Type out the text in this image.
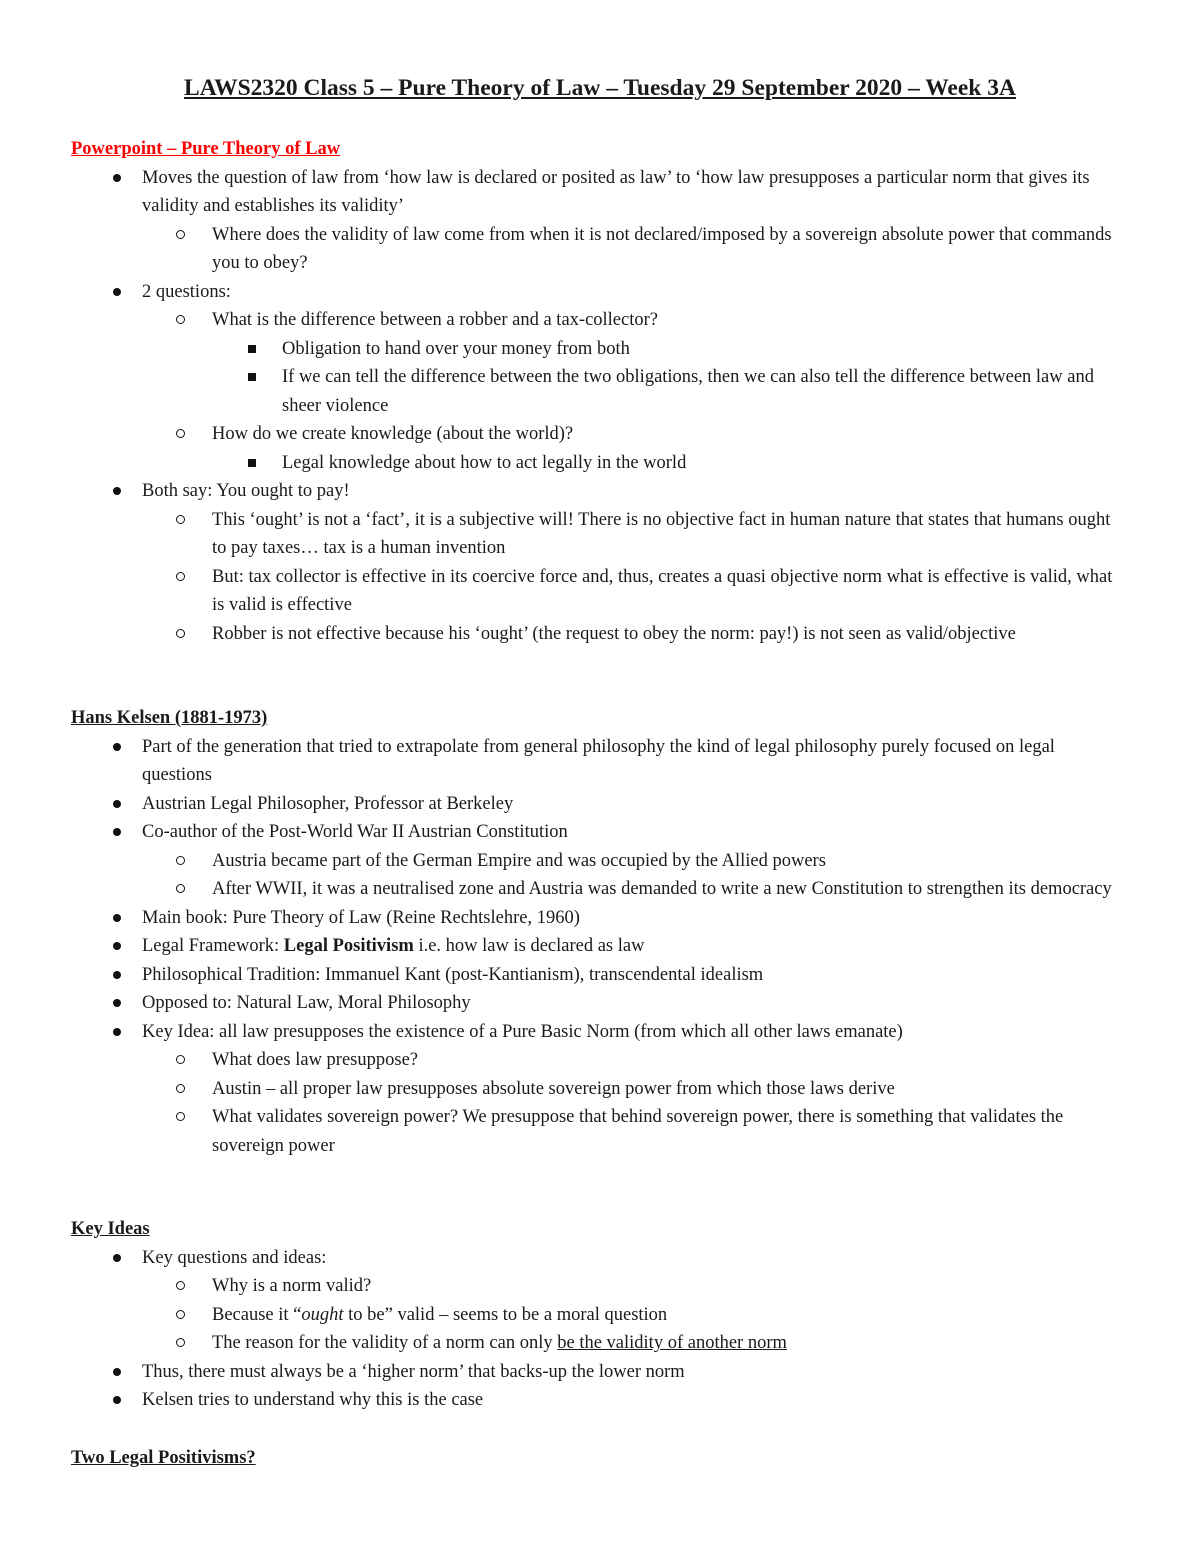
LAWS2320 Class 5 – Pure Theory of Law – Tuesday 29 September 2020 – Week 3A
Powerpoint – Pure Theory of Law
Moves the question of law from ‘how law is declared or posited as law’ to ‘how law presupposes a particular norm that gives its validity and establishes its validity’
Where does the validity of law come from when it is not declared/imposed by a sovereign absolute power that commands you to obey?
2 questions:
What is the difference between a robber and a tax-collector?
Obligation to hand over your money from both
If we can tell the difference between the two obligations, then we can also tell the difference between law and sheer violence
How do we create knowledge (about the world)?
Legal knowledge about how to act legally in the world
Both say: You ought to pay!
This ‘ought’ is not a ‘fact’, it is a subjective will! There is no objective fact in human nature that states that humans ought to pay taxes… tax is a human invention
But: tax collector is effective in its coercive force and, thus, creates a quasi objective norm what is effective is valid, what is valid is effective
Robber is not effective because his ‘ought’ (the request to obey the norm: pay!) is not seen as valid/objective
Hans Kelsen (1881-1973)
Part of the generation that tried to extrapolate from general philosophy the kind of legal philosophy purely focused on legal questions
Austrian Legal Philosopher, Professor at Berkeley
Co-author of the Post-World War II Austrian Constitution
Austria became part of the German Empire and was occupied by the Allied powers
After WWII, it was a neutralised zone and Austria was demanded to write a new Constitution to strengthen its democracy
Main book: Pure Theory of Law (Reine Rechtslehre, 1960)
Legal Framework: Legal Positivism i.e. how law is declared as law
Philosophical Tradition: Immanuel Kant (post-Kantianism), transcendental idealism
Opposed to: Natural Law, Moral Philosophy
Key Idea: all law presupposes the existence of a Pure Basic Norm (from which all other laws emanate)
What does law presuppose?
Austin – all proper law presupposes absolute sovereign power from which those laws derive
What validates sovereign power? We presuppose that behind sovereign power, there is something that validates the sovereign power
Key Ideas
Key questions and ideas:
Why is a norm valid?
Because it “ought to be” valid – seems to be a moral question
The reason for the validity of a norm can only be the validity of another norm
Thus, there must always be a ‘higher norm’ that backs-up the lower norm
Kelsen tries to understand why this is the case
Two Legal Positivisms?
